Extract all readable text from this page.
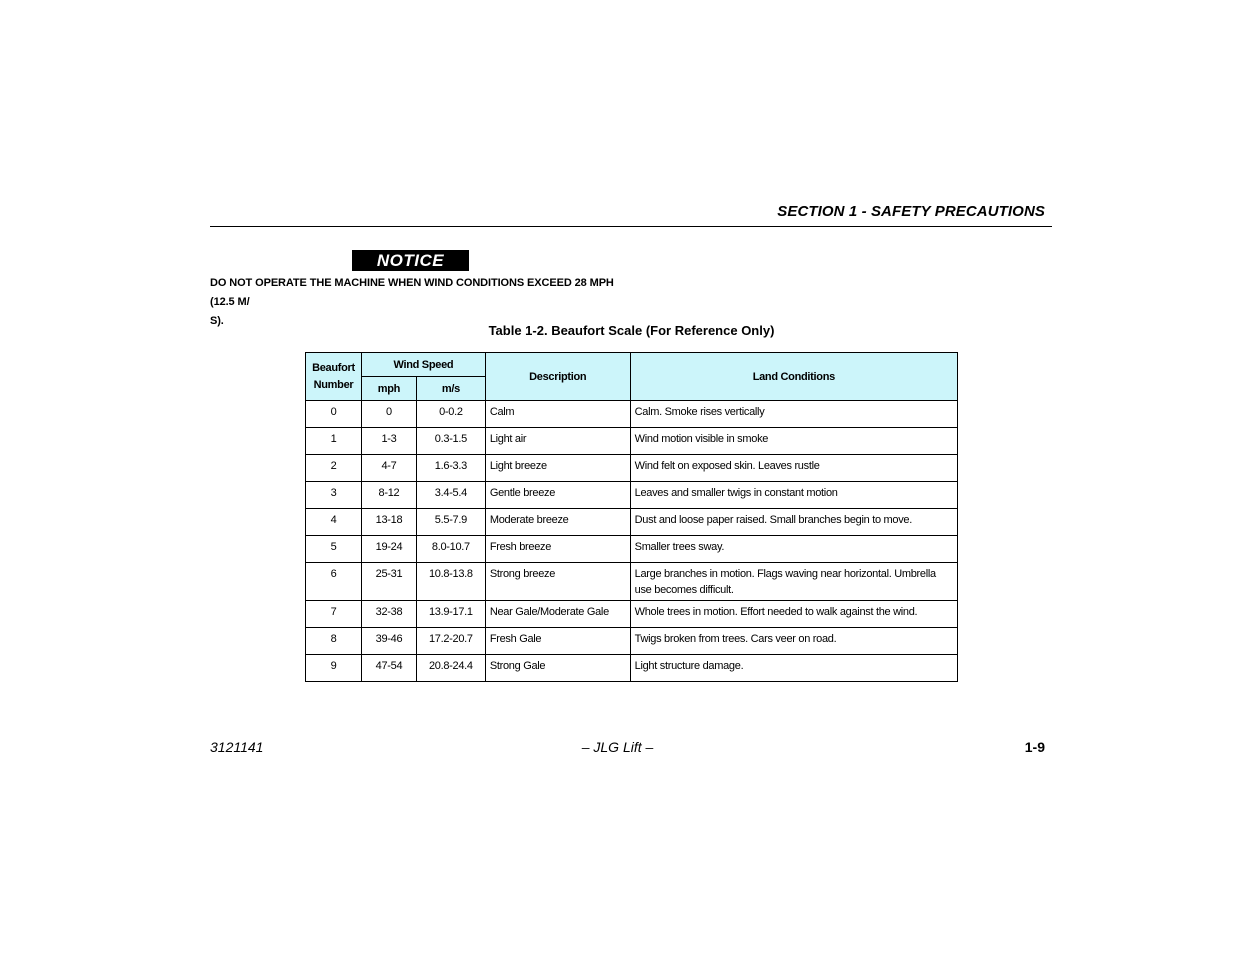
SECTION 1 - SAFETY PRECAUTIONS
NOTICE
DO NOT OPERATE THE MACHINE WHEN WIND CONDITIONS EXCEED 28 MPH (12.5 M/
S).
Table 1-2. Beaufort Scale (For Reference Only)
Beaufort
Number	Wind Speed		Description	Land Conditions
	mph	m/s		
0	0	0-0.2	Calm	Calm. Smoke rises vertically
1	1-3	0.3-1.5	Light air	Wind motion visible in smoke
2	4-7	1.6-3.3	Light breeze	Wind felt on exposed skin. Leaves rustle
3	8-12	3.4-5.4	Gentle breeze	Leaves and smaller twigs in constant motion
4	13-18	5.5-7.9	Moderate breeze	Dust and loose paper raised. Small branches begin to move.
5	19-24	8.0-10.7	Fresh breeze	Smaller trees sway.
6	25-31	10.8-13.8	Strong breeze	Large branches in motion. Flags waving near horizontal. Umbrella use becomes difficult.
7	32-38	13.9-17.1	Near Gale/Moderate Gale	Whole trees in motion. Effort needed to walk against the wind.
8	39-46	17.2-20.7	Fresh Gale	Twigs broken from trees. Cars veer on road.
9	47-54	20.8-24.4	Strong Gale	Light structure damage.
3121141	– JLG Lift –	1-9
